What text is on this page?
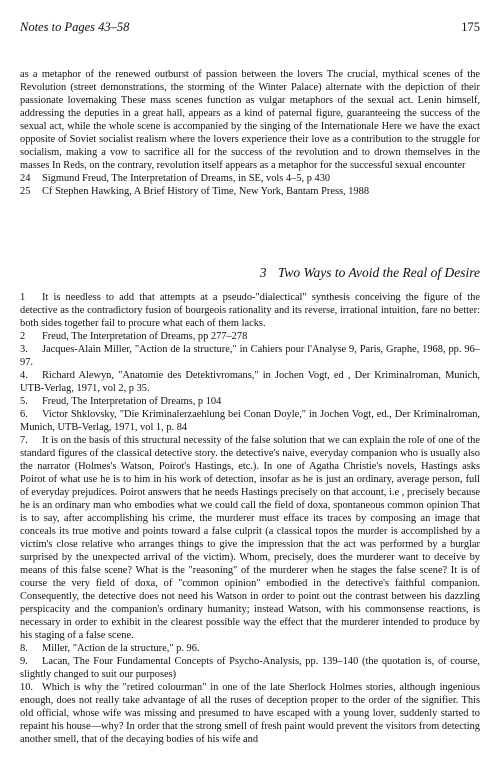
Notes to Pages 43–58	175

as a metaphor of the renewed outburst of passion between the lovers The crucial, mythical scenes of the Revolution (street demonstrations, the storming of the Winter Palace) alternate with the depiction of their passionate lovemaking These mass scenes function as vulgar metaphors of the sexual act. Lenin himself, addressing the deputies in a great hall, appears as a kind of paternal figure, guaranteeing the success of the sexual act, while the whole scene is accompanied by the singing of the Internationale Here we have the exact opposite of Soviet socialist realism where the lovers experience their love as a contribution to the struggle for socialism, making a vow to sacrifice all for the success of the revolution and to drown themselves in the masses In Reds, on the contrary, revolution itself appears as a metaphor for the successful sexual encounter

24	Sigmund Freud, The Interpretation of Dreams, in SE, vols 4–5, p 430
25	Cf Stephen Hawking, A Brief History of Time, New York, Bantam Press, 1988
3 Two Ways to Avoid the Real of Desire

1 It is needless to add that attempts at a pseudo-"dialectical" synthesis conceiving the figure of the detective as the contradictory fusion of bourgeois rationality and its reverse, irrational intuition, fare no better: both sides together fail to procure what each of them lacks.

2 Freud, The Interpretation of Dreams, pp 277–278

3. Jacques-Alain Miller, "Action de la structure," in Cahiers pour l'Analyse 9, Paris, Graphe, 1968, pp. 96–97.

4. Richard Alewyn, "Anatomie des Detektivromans," in Jochen Vogt, ed , Der Kriminalroman, Munich, UTB-Verlag, 1971, vol 2, p 35.

5. Freud, The Interpretation of Dreams, p 104

6. Victor Shklovsky, "Die Kriminalerzaehlung bei Conan Doyle," in Jochen Vogt, ed., Der Kriminalroman, Munich, UTB-Verlag, 1971, vol 1, p. 84

7. It is on the basis of this structural necessity of the false solution that we can explain the role of one of the standard figures of the classical detective story. the detective's naive, everyday companion who is usually also the narrator (Holmes's Watson, Poirot's Hastings, etc.). In one of Agatha Christie's novels, Hastings asks Poirot of what use he is to him in his work of detection, insofar as he is just an ordinary, average person, full of everyday prejudices. Poirot answers that he needs Hastings precisely on that account, i.e , precisely because he is an ordinary man who embodies what we could call the field of doxa, spontaneous common opinion That is to say, after accomplishing his crime, the murderer must efface its traces by composing an image that conceals its true motive and points toward a false culprit (a classical topos the murder is accomplished by a victim's close relative who arranges things to give the impression that the act was performed by a burglar surprised by the unexpected arrival of the victim). Whom, precisely, does the murderer want to deceive by means of this false scene? What is the "reasoning" of the murderer when he stages the false scene? It is of course the very field of doxa, of "common opinion" embodied in the detective's faithful companion. Consequently, the detective does not need his Watson in order to point out the contrast between his dazzling perspicacity and the companion's ordinary humanity; instead Watson, with his commonsense reactions, is necessary in order to exhibit in the clearest possible way the effect that the murderer intended to produce by his staging of a false scene.

8. Miller, "Action de la structure," p. 96.

9. Lacan, The Four Fundamental Concepts of Psycho-Analysis, pp. 139–140 (the quotation is, of course, slightly changed to suit our purposes)

10. Which is why the "retired colourman" in one of the late Sherlock Holmes stories, although ingenious enough, does not really take advantage of all the ruses of deception proper to the order of the signifier. This old official, whose wife was missing and presumed to have escaped with a young lover, suddenly started to repaint his house—why? In order that the strong smell of fresh paint would prevent the visitors from detecting another smell, that of the decaying bodies of his wife and
